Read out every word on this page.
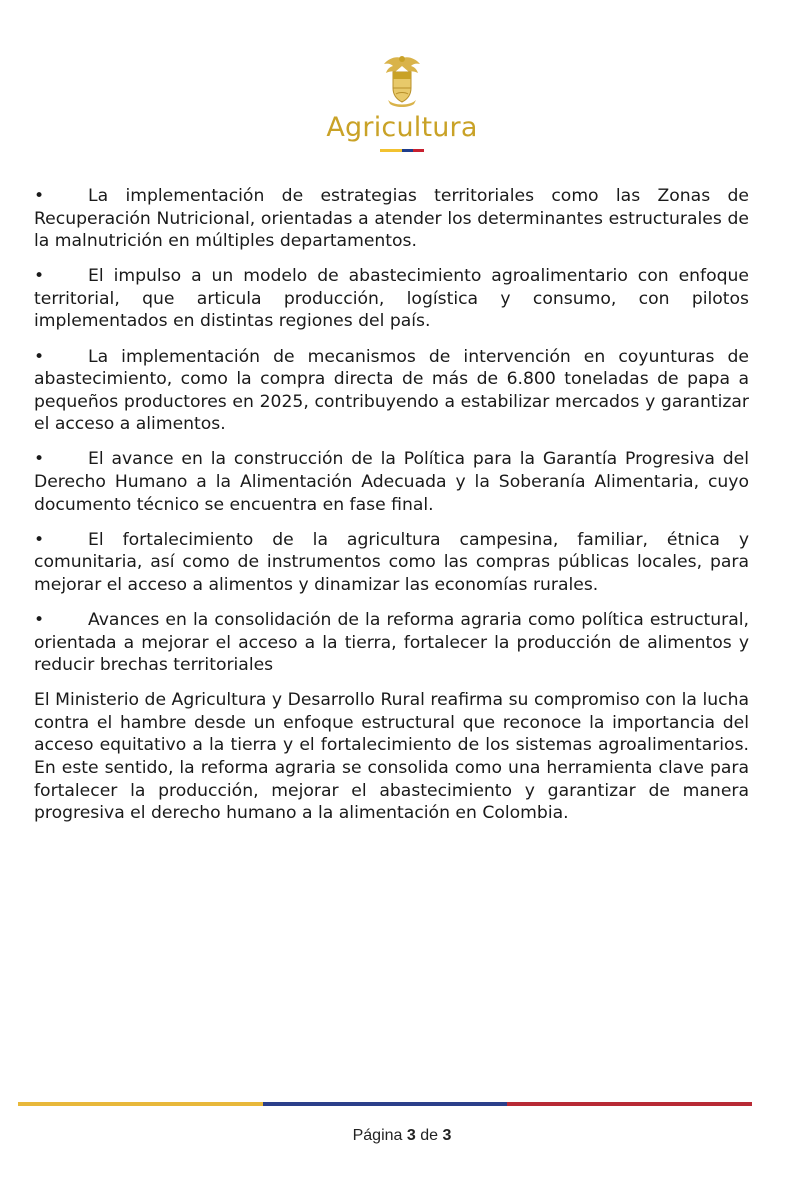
Agricultura

•	La implementación de estrategias territoriales como las Zonas de Recuperación Nutricional, orientadas a atender los determinantes estructurales de la malnutrición en múltiples departamentos.

•	El impulso a un modelo de abastecimiento agroalimentario con enfoque territorial, que articula producción, logística y consumo, con pilotos implementados en distintas regiones del país.

•	La implementación de mecanismos de intervención en coyunturas de abastecimiento, como la compra directa de más de 6.800 toneladas de papa a pequeños productores en 2025, contribuyendo a estabilizar mercados y garantizar el acceso a alimentos.

•	El avance en la construcción de la Política para la Garantía Progresiva del Derecho Humano a la Alimentación Adecuada y la Soberanía Alimentaria, cuyo documento técnico se encuentra en fase final.

•	El fortalecimiento de la agricultura campesina, familiar, étnica y comunitaria, así como de instrumentos como las compras públicas locales, para mejorar el acceso a alimentos y dinamizar las economías rurales.

•	Avances en la consolidación de la reforma agraria como política estructural, orientada a mejorar el acceso a la tierra, fortalecer la producción de alimentos y reducir brechas territoriales

El Ministerio de Agricultura y Desarrollo Rural reafirma su compromiso con la lucha contra el hambre desde un enfoque estructural que reconoce la importancia del acceso equitativo a la tierra y el fortalecimiento de los sistemas agroalimentarios. En este sentido, la reforma agraria se consolida como una herramienta clave para fortalecer la producción, mejorar el abastecimiento y garantizar de manera progresiva el derecho humano a la alimentación en Colombia.

Página 3 de 3
